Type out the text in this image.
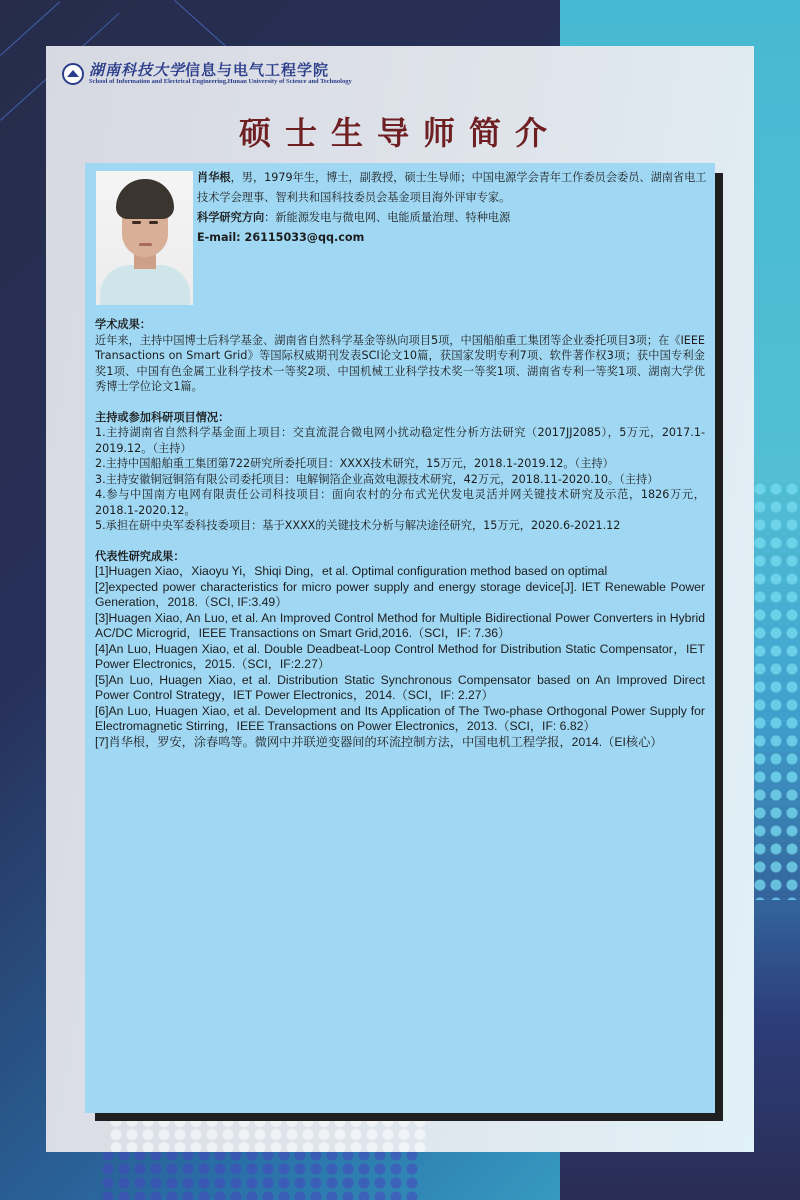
湖南科技大学信息与电气工程学院
School of Information and Electrical Engineering,Hunan University of Science and Technology
硕士生导师简介

肖华根，男，1979年生，博士，副教授，硕士生导师；中国电源学会青年工作委员会委员、湖南省电工技术学会理事、智利共和国科技委员会基金项目海外评审专家。

科学研究方向：新能源发电与微电网、电能质量治理、特种电源

E-mail: 26115033@qq.com

学术成果：
近年来，主持中国博士后科学基金、湖南省自然科学基金等纵向项目5项，中国船舶重工集团等企业委托项目3项；在《IEEE Transactions on Smart Grid》等国际权威期刊发表SCI论文10篇，获国家发明专利7项、软件著作权3项；获中国专利金奖1项、中国有色金属工业科学技术一等奖2项、中国机械工业科学技术奖一等奖1项、湖南省专利一等奖1项、湖南大学优秀博士学位论文1篇。
主持或参加科研项目情况：
1.主持湖南省自然科学基金面上项目：交直流混合微电网小扰动稳定性分析方法研究（2017JJ2085），5万元，2017.1-2019.12。（主持）
2.主持中国船舶重工集团第722研究所委托项目：XXXX技术研究，15万元，2018.1-2019.12。（主持）
3.主持安徽铜冠铜箔有限公司委托项目：电解铜箔企业高效电源技术研究，42万元，2018.11-2020.10。（主持）
4.参与中国南方电网有限责任公司科技项目：面向农村的分布式光伏发电灵活并网关键技术研究及示范，1826万元，2018.1-2020.12。
5.承担在研中央军委科技委项目：基于XXXX的关键技术分析与解决途径研究，15万元，2020.6-2021.12
代表性研究成果：
[1]Huagen Xiao，Xiaoyu Yi，Shiqi Ding，et al. Optimal configuration method based on optimal
[2]expected power characteristics for micro power supply and energy storage device[J]. IET Renewable Power Generation，2018.（SCI, IF:3.49）
[3]Huagen Xiao, An Luo, et al. An Improved Control Method for Multiple Bidirectional Power Converters in Hybrid AC/DC Microgrid，IEEE Transactions on Smart Grid,2016.（SCI，IF: 7.36）
[4]An Luo, Huagen Xiao, et al. Double Deadbeat-Loop Control Method for Distribution Static Compensator，IET Power Electronics，2015.（SCI，IF:2.27）
[5]An Luo, Huagen Xiao, et al. Distribution Static Synchronous Compensator based on An Improved Direct Power Control Strategy，IET Power Electronics，2014.（SCI，IF: 2.27）
[6]An Luo, Huagen Xiao, et al. Development and Its Application of The Two-phase Orthogonal Power Supply for Electromagnetic Stirring，IEEE Transactions on Power Electronics，2013.（SCI，IF: 6.82）
[7]肖华根，罗安，涂春鸣等。微网中并联逆变器间的环流控制方法，中国电机工程学报，2014.（EI核心）
